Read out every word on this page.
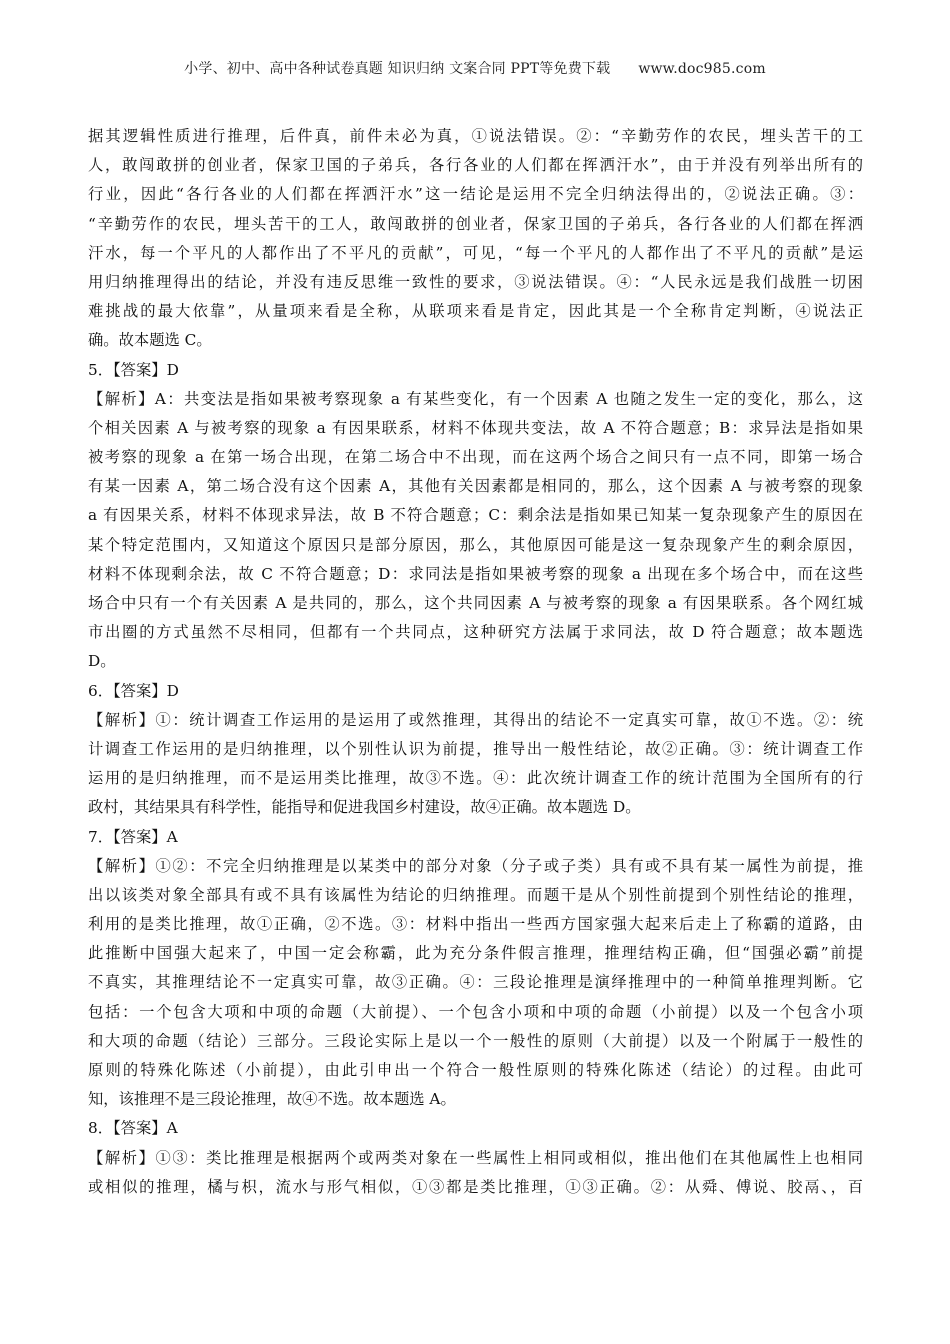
小学、初中、高中各种试卷真题 知识归纳 文案合同 PPT等免费下载 www.doc985.com
据其逻辑性质进行推理，后件真，前件未必为真，①说法错误。②：“辛勤劳作的农民，埋头苦干的工
人，敢闯敢拼的创业者，保家卫国的子弟兵，各行各业的人们都在挥洒汗水”，由于并没有列举出所有的
行业，因此“各行各业的人们都在挥洒汗水”这一结论是运用不完全归纳法得出的，②说法正确。③：
“辛勤劳作的农民，埋头苦干的工人，敢闯敢拼的创业者，保家卫国的子弟兵，各行各业的人们都在挥洒
汗水，每一个平凡的人都作出了不平凡的贡献”，可见，“每一个平凡的人都作出了不平凡的贡献”是运
用归纳推理得出的结论，并没有违反思维一致性的要求，③说法错误。④：“人民永远是我们战胜一切困
难挑战的最大依靠”，从量项来看是全称，从联项来看是肯定，因此其是一个全称肯定判断，④说法正
确。故本题选 C。
5．【答案】D
【解析】A：共变法是指如果被考察现象 a 有某些变化，有一个因素 A 也随之发生一定的变化，那么，这
个相关因素 A 与被考察的现象 a 有因果联系，材料不体现共变法，故 A 不符合题意；B：求异法是指如果
被考察的现象 a 在第一场合出现，在第二场合中不出现，而在这两个场合之间只有一点不同，即第一场合
有某一因素 A，第二场合没有这个因素 A，其他有关因素都是相同的，那么，这个因素 A 与被考察的现象
a 有因果关系，材料不体现求异法，故 B 不符合题意；C：剩余法是指如果已知某一复杂现象产生的原因在
某个特定范围内，又知道这个原因只是部分原因，那么，其他原因可能是这一复杂现象产生的剩余原因，
材料不体现剩余法，故 C 不符合题意；D：求同法是指如果被考察的现象 a 出现在多个场合中，而在这些
场合中只有一个有关因素 A 是共同的，那么，这个共同因素 A 与被考察的现象 a 有因果联系。各个网红城
市出圈的方式虽然不尽相同，但都有一个共同点，这种研究方法属于求同法，故 D 符合题意；故本题选
D。
6．【答案】D
【解析】①：统计调查工作运用的是运用了或然推理，其得出的结论不一定真实可靠，故①不选。②：统
计调查工作运用的是归纳推理，以个别性认识为前提，推导出一般性结论，故②正确。③：统计调查工作
运用的是归纳推理，而不是运用类比推理，故③不选。④：此次统计调查工作的统计范围为全国所有的行
政村，其结果具有科学性，能指导和促进我国乡村建设，故④正确。故本题选 D。
7．【答案】A
【解析】①②：不完全归纳推理是以某类中的部分对象（分子或子类）具有或不具有某一属性为前提，推
出以该类对象全部具有或不具有该属性为结论的归纳推理。而题干是从个别性前提到个别性结论的推理，
利用的是类比推理，故①正确，②不选。③：材料中指出一些西方国家强大起来后走上了称霸的道路，由
此推断中国强大起来了，中国一定会称霸，此为充分条件假言推理，推理结构正确，但“国强必霸”前提
不真实，其推理结论不一定真实可靠，故③正确。④：三段论推理是演绎推理中的一种简单推理判断。它
包括：一个包含大项和中项的命题（大前提）、一个包含小项和中项的命题（小前提）以及一个包含小项
和大项的命题（结论）三部分。三段论实际上是以一个一般性的原则（大前提）以及一个附属于一般性的
原则的特殊化陈述（小前提），由此引申出一个符合一般性原则的特殊化陈述（结论）的过程。由此可
知，该推理不是三段论推理，故④不选。故本题选 A。
8．【答案】A
【解析】①③：类比推理是根据两个或两类对象在一些属性上相同或相似，推出他们在其他属性上也相同
或相似的推理，橘与枳，流水与形气相似，①③都是类比推理，①③正确。②：从舜、傅说、胶鬲、，百
